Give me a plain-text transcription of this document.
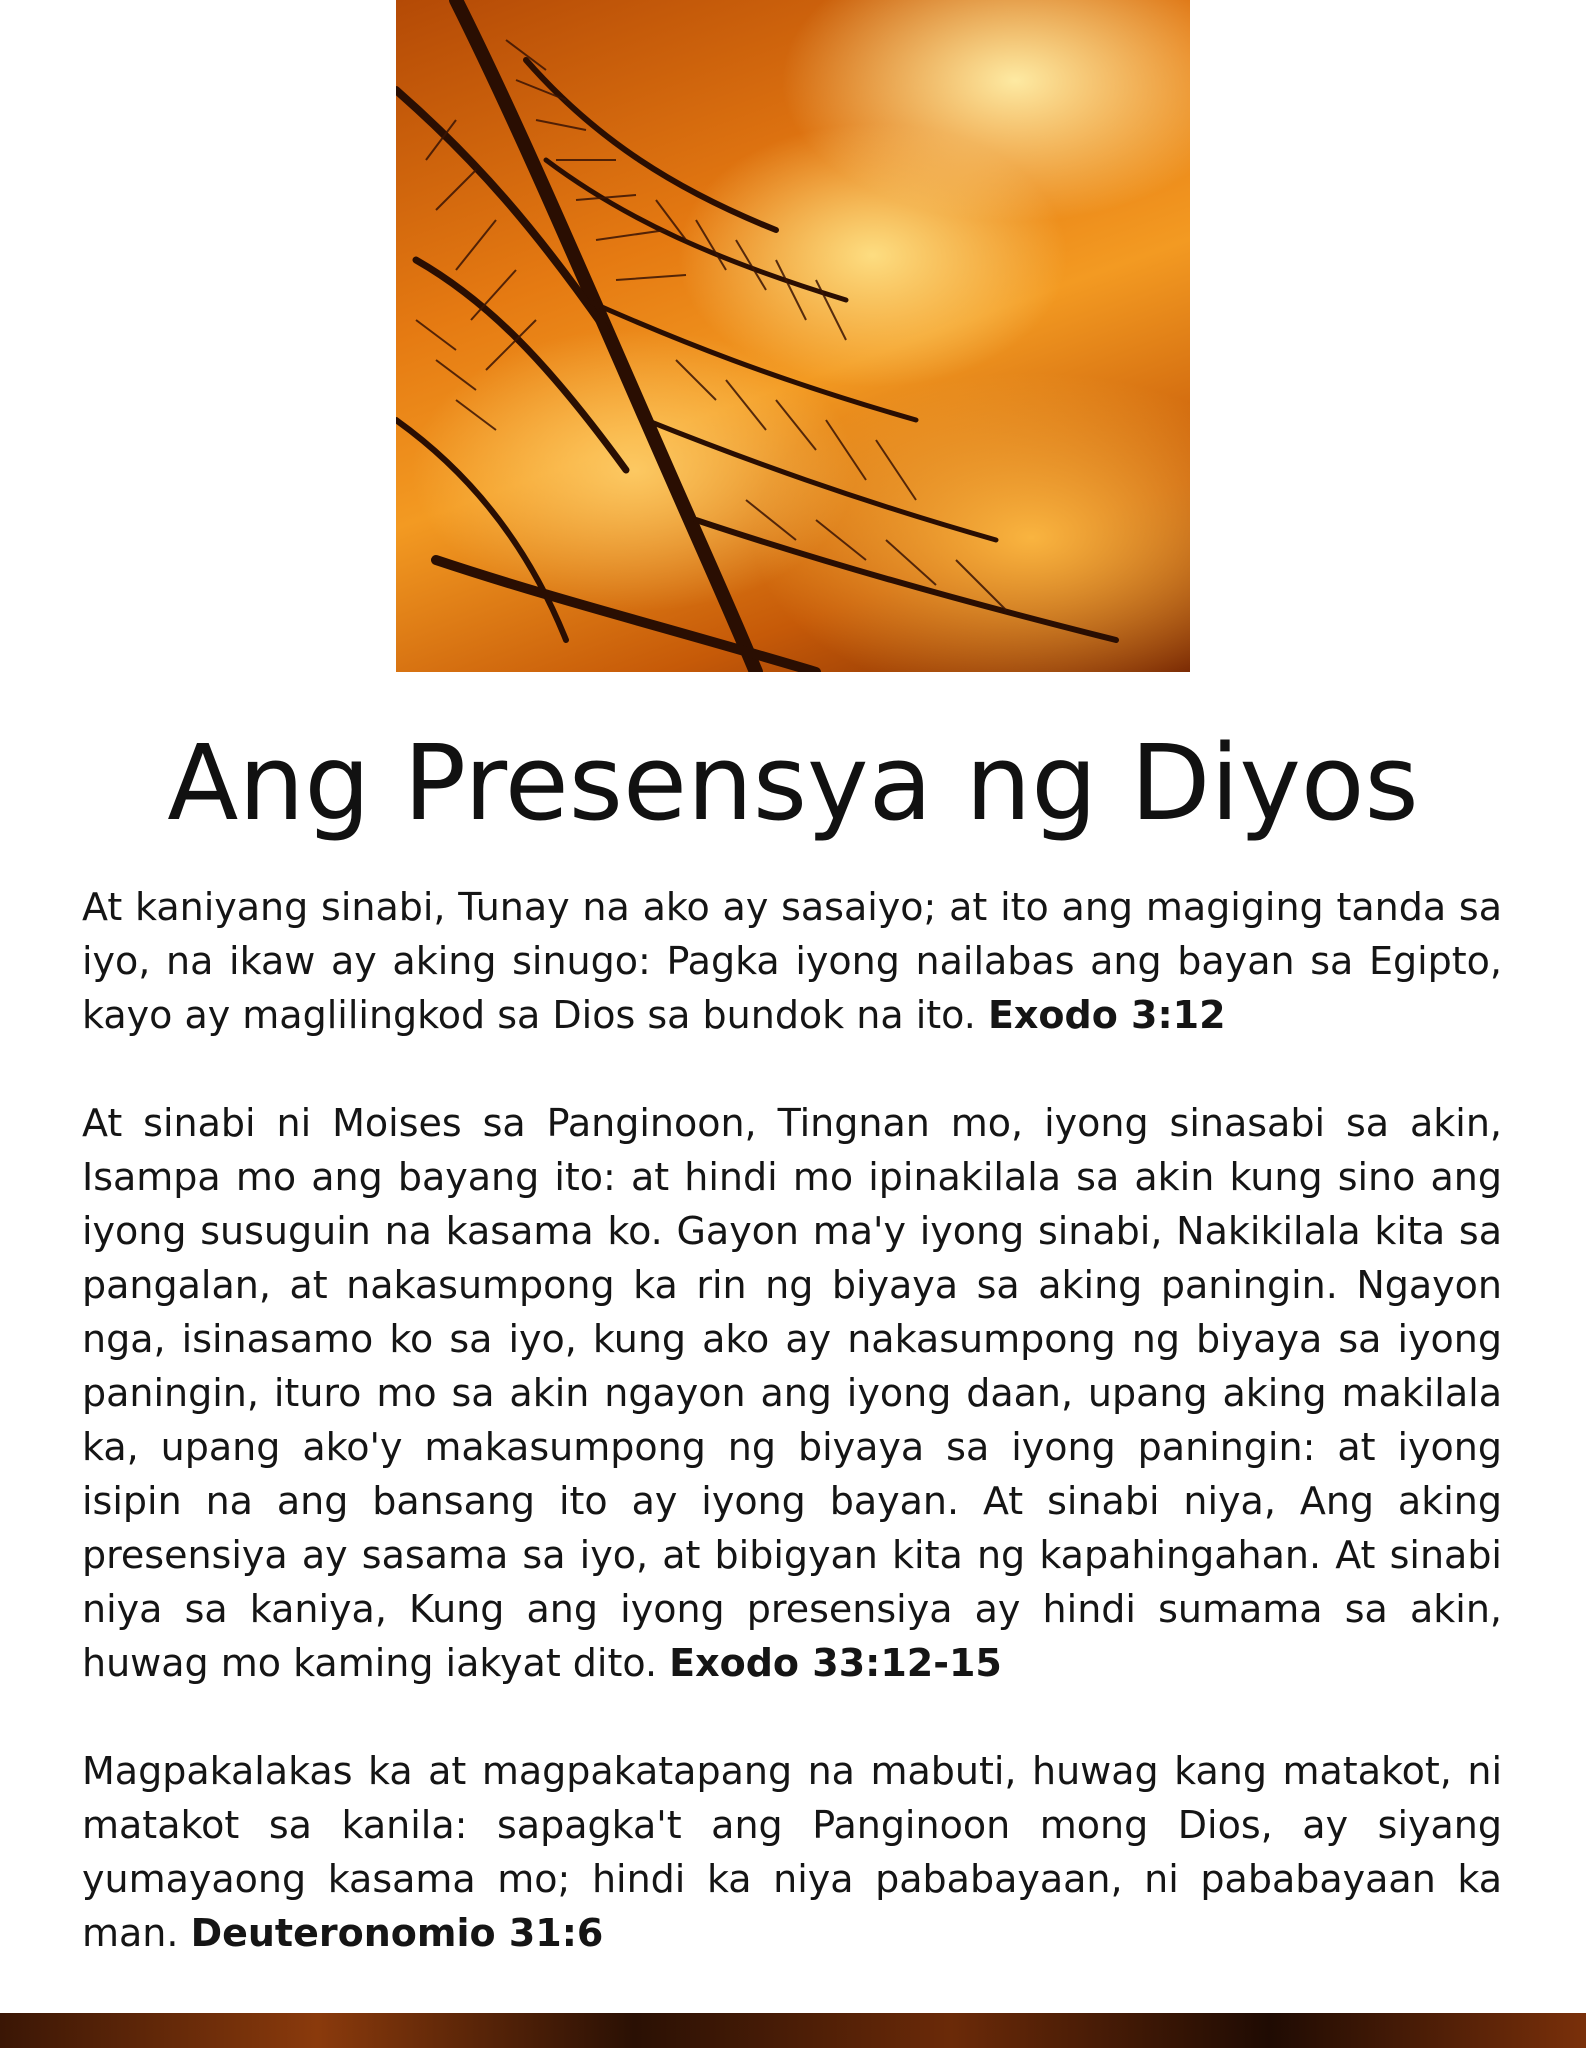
Ang Presensya ng Diyos

At kaniyang sinabi, Tunay na ako ay sasaiyo; at ito ang magiging tanda sa iyo, na ikaw ay aking sinugo: Pagka iyong nailabas ang bayan sa Egipto, kayo ay maglilingkod sa Dios sa bundok na ito. Exodo 3:12

At sinabi ni Moises sa Panginoon, Tingnan mo, iyong sinasabi sa akin, Isampa mo ang bayang ito: at hindi mo ipinakilala sa akin kung sino ang iyong susuguin na kasama ko. Gayon ma'y iyong sinabi, Nakikilala kita sa pangalan, at nakasumpong ka rin ng biyaya sa aking paningin. Ngayon nga, isinasamo ko sa iyo, kung ako ay nakasumpong ng biyaya sa iyong paningin, ituro mo sa akin ngayon ang iyong daan, upang aking makilala ka, upang ako'y makasumpong ng biyaya sa iyong paningin: at iyong isipin na ang bansang ito ay iyong bayan. At sinabi niya, Ang aking presensiya ay sasama sa iyo, at bibigyan kita ng kapahingahan. At sinabi niya sa kaniya, Kung ang iyong presensiya ay hindi sumama sa akin, huwag mo kaming iakyat dito. Exodo 33:12-15

Magpakalakas ka at magpakatapang na mabuti, huwag kang matakot, ni matakot sa kanila: sapagka't ang Panginoon mong Dios, ay siyang yumayaong kasama mo; hindi ka niya pababayaan, ni pababayaan ka man. Deuteronomio 31:6
